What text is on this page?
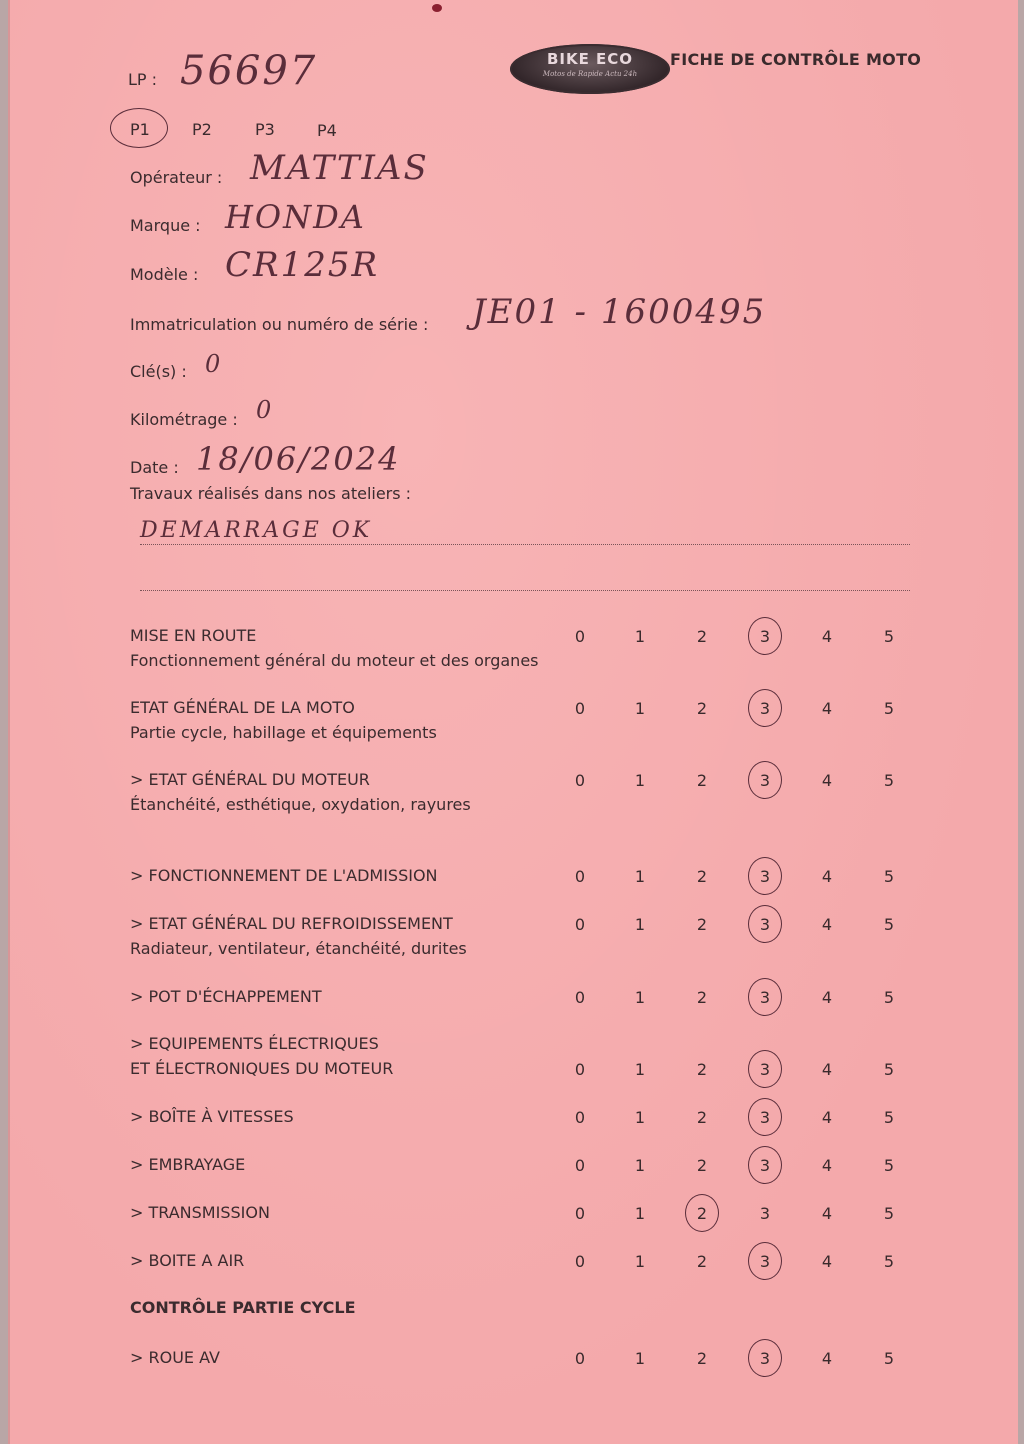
BIKE ECO
Motos de Rapide Actu 24h
FICHE DE CONTRÔLE MOTO
LP : 56697
P1	P2	P3	P4
Opérateur : MATTIAS
Marque : HONDA
Modèle : CR125R
Immatriculation ou numéro de série : JE01 - 1600495
Clé(s) : 0
Kilométrage : 0
Date : 18/06/2024
Travaux réalisés dans nos ateliers :
DEMARRAGE OK
MISE EN ROUTE
Fonctionnement général du moteur et des organes
0	1	2	3	4	5
ETAT GÉNÉRAL DE LA MOTO
Partie cycle, habillage et équipements
0	1	2	3	4	5
> ETAT GÉNÉRAL DU MOTEUR
Étanchéité, esthétique, oxydation, rayures
0	1	2	3	4	5
> FONCTIONNEMENT DE L'ADMISSION	0	1	2	3	4	5
> ETAT GÉNÉRAL DU REFROIDISSEMENT
Radiateur, ventilateur, étanchéité, durites
0	1	2	3	4	5
> POT D'ÉCHAPPEMENT	0	1	2	3	4	5
> EQUIPEMENTS ÉLECTRIQUES
ET ÉLECTRONIQUES DU MOTEUR	0	1	2	3	4	5
> BOÎTE À VITESSES	0	1	2	3	4	5
> EMBRAYAGE	0	1	2	3	4	5
> TRANSMISSION	0	1	2	3	4	5
> BOITE A AIR	0	1	2	3	4	5
> ROUE AV	0	1	2	3	4	5
CONTRÔLE PARTIE CYCLE
